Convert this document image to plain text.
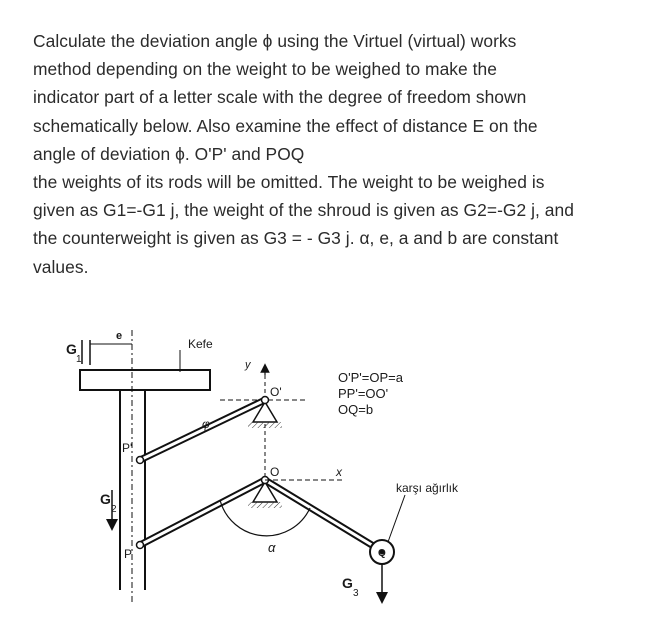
Calculate the deviation angle ϕ using the Virtuel (virtual) works
method depending on the weight to be weighed to make the
indicator part of a letter scale with the degree of freedom shown
schematically below. Also examine the effect of distance E on the
angle of deviation ϕ. O'P' and POQ
the weights of its rods will be omitted. The weight to be weighed is
given as G1=-G1 j, the weight of the shroud is given as G2=-G2 j, and
the counterweight is given as G3 = - G3 j. α, e, a and b are constant
values.
G
1
e
Kefe
y
O'
φ
P'
O	x
G
2
P	α	Q
G
3
O'P'=OP=a
PP'=OO'
OQ=b
karşı ağırlık
